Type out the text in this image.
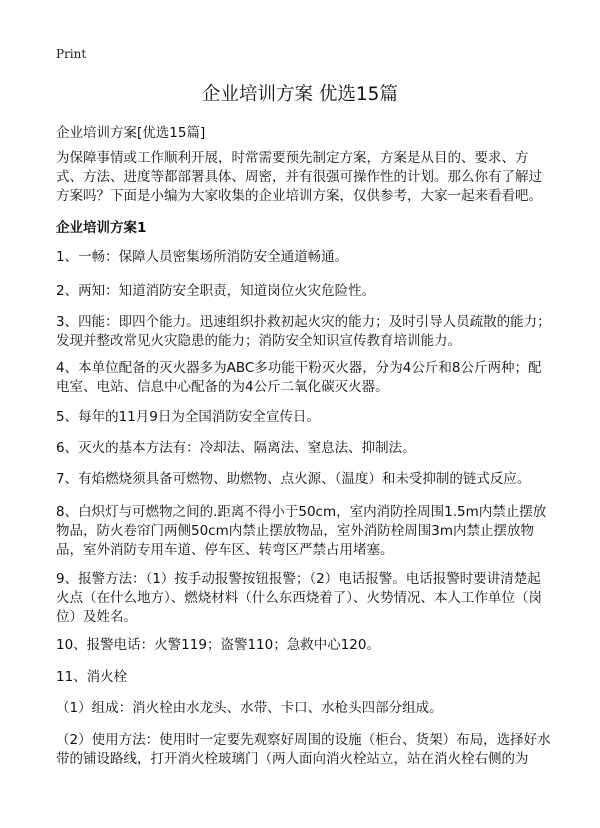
Print
企业培训方案 优选15篇
企业培训方案[优选15篇]

为保障事情或工作顺利开展，时常需要预先制定方案，方案是从目的、要求、方式、方法、进度等都部署具体、周密，并有很强可操作性的计划。那么你有了解过方案吗？下面是小编为大家收集的企业培训方案，仅供参考，大家一起来看看吧。

企业培训方案1

1、一畅：保障人员密集场所消防安全通道畅通。

2、两知：知道消防安全职责，知道岗位火灾危险性。

3、四能：即四个能力。迅速组织扑救初起火灾的能力；及时引导人员疏散的能力；发现并整改常见火灾隐患的能力；消防安全知识宣传教育培训能力。

4、本单位配备的灭火器多为ABC多功能干粉灭火器，分为4公斤和8公斤两种；配电室、电站、信息中心配备的为4公斤二氧化碳灭火器。

5、每年的11月9日为全国消防安全宣传日。

6、灭火的基本方法有：冷却法、隔离法、窒息法、抑制法。

7、有焰燃烧须具备可燃物、助燃物、点火源、（温度）和未受抑制的链式反应。

8、白炽灯与可燃物之间的.距离不得小于50cm，室内消防拴周围1.5m内禁止摆放物品，防火卷帘门两侧50cm内禁止摆放物品，室外消防栓周围3m内禁止摆放物品，室外消防专用车道、停车区、转弯区严禁占用堵塞。

9、报警方法：（1）按手动报警按钮报警；（2）电话报警。电话报警时要讲清楚起火点（在什么地方）、燃烧材料（什么东西烧着了）、火势情况、本人工作单位（岗位）及姓名。

10、报警电话：火警119；盗警110；急救中心120。

11、消火栓

（1）组成：消火栓由水龙头、水带、卡口、水枪头四部分组成。

（2）使用方法：使用时一定要先观察好周围的设施（柜台、货架）布局，选择好水带的铺设路线，打开消火栓玻璃门（两人面向消火栓站立，站在消火栓右侧的为
